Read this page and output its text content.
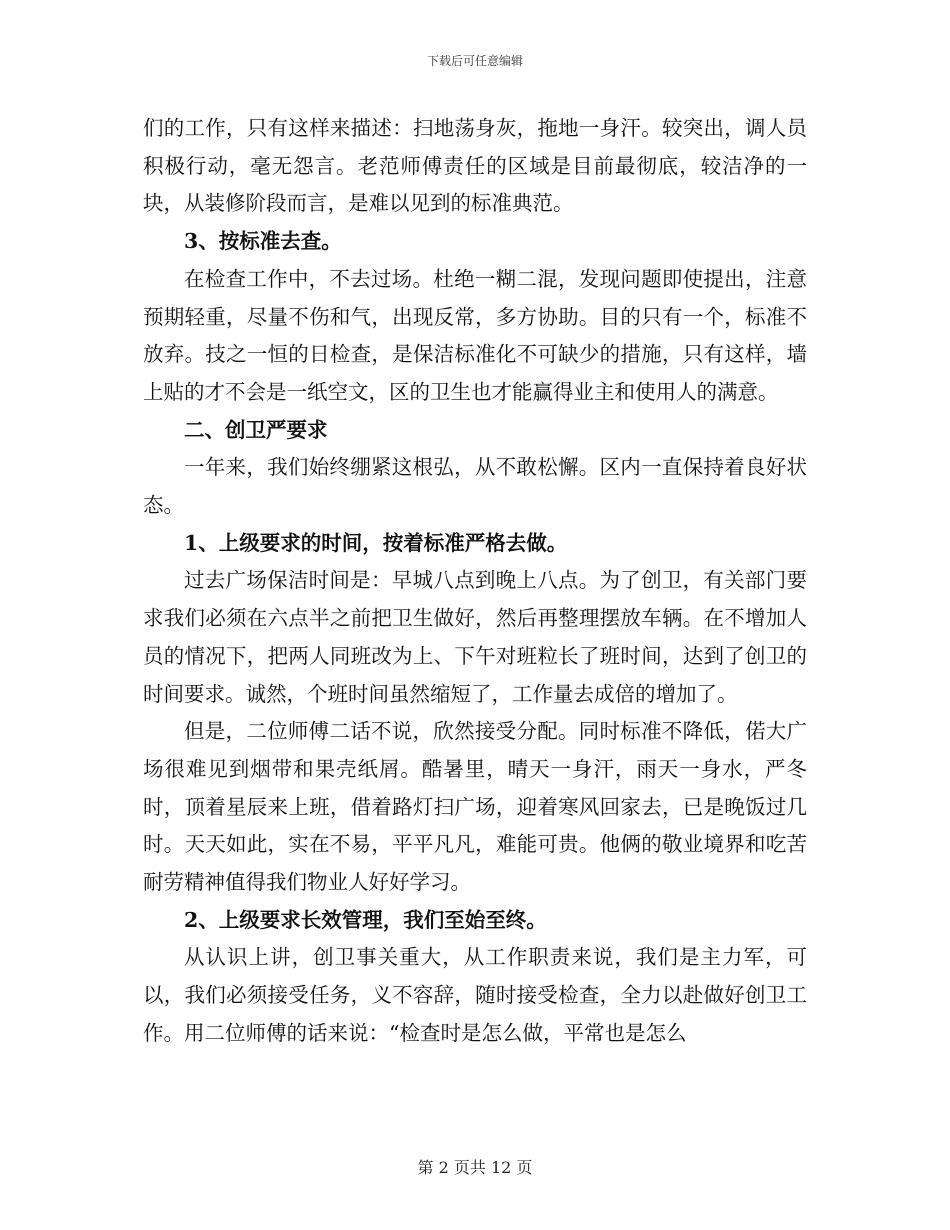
下载后可任意编辑

们的工作，只有这样来描述：扫地荡身灰，拖地一身汗。较突出，调人员积极行动，毫无怨言。老范师傅责任的区域是目前最彻底，较洁净的一块，从装修阶段而言，是难以见到的标准典范。

3、按标准去查。

在检查工作中，不去过场。杜绝一糊二混，发现问题即使提出，注意预期轻重，尽量不伤和气，出现反常，多方协助。目的只有一个，标准不放弃。技之一恒的日检查，是保洁标准化不可缺少的措施，只有这样，墙上贴的才不会是一纸空文，区的卫生也才能赢得业主和使用人的满意。

二、创卫严要求

一年来，我们始终绷紧这根弘，从不敢松懈。区内一直保持着良好状态。

1、上级要求的时间，按着标准严格去做。

过去广场保洁时间是：早城八点到晚上八点。为了创卫，有关部门要求我们必须在六点半之前把卫生做好，然后再整理摆放车辆。在不增加人员的情况下，把两人同班改为上、下午对班粒长了班时间，达到了创卫的时间要求。诚然，个班时间虽然缩短了，工作量去成倍的增加了。

但是，二位师傅二话不说，欣然接受分配。同时标准不降低，偌大广场很难见到烟带和果壳纸屑。酷暑里，晴天一身汗，雨天一身水，严冬时，顶着星辰来上班，借着路灯扫广场，迎着寒风回家去，已是晚饭过几时。天天如此，实在不易，平平凡凡，难能可贵。他俩的敬业境界和吃苦耐劳精神值得我们物业人好好学习。

2、上级要求长效管理，我们至始至终。

从认识上讲，创卫事关重大，从工作职责来说，我们是主力军，可以，我们必须接受任务，义不容辞，随时接受检查，全力以赴做好创卫工作。用二位师傅的话来说：“检查时是怎么做，平常也是怎么

第 2 页共 12 页
